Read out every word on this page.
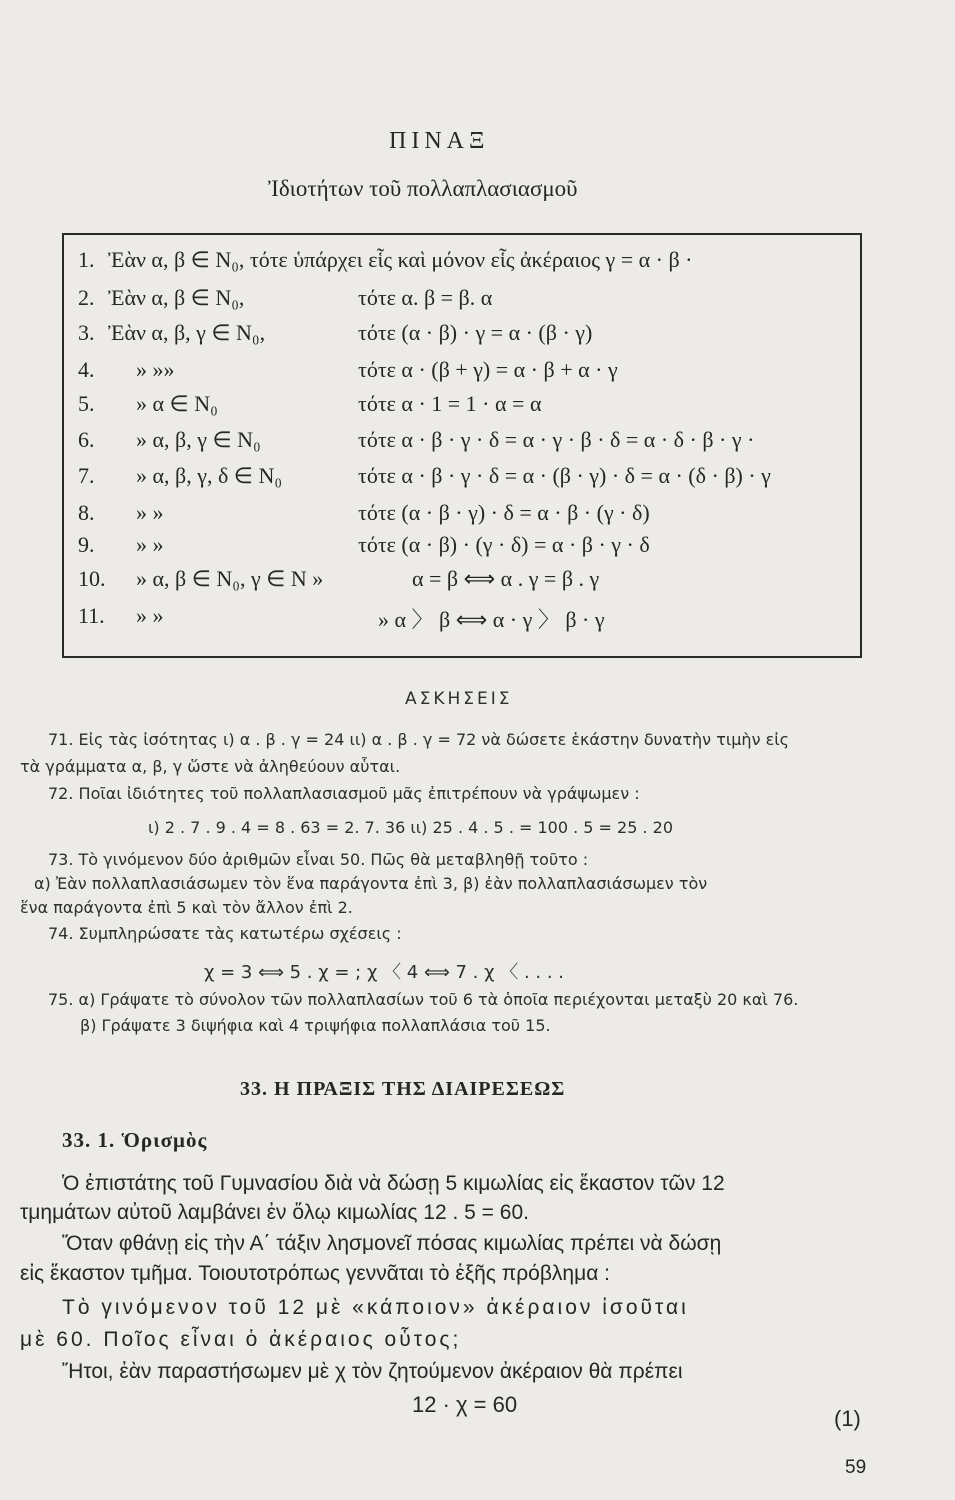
ΠΙΝΑΞ
Ἰδιοτήτων τοῦ πολλαπλασιασμοῦ
1. Ἐὰν α, β ∈ N₀, τότε ὑπάρχει εἷς καὶ μόνον εἷς ἀκέραιος γ = α · β ·
2. Ἐὰν α, β ∈ N₀,	τότε α. β = β. α
3. Ἐὰν α, β, γ ∈ N₀,	τότε (α · β) · γ = α · (β · γ)
4. » »»	τότε α · (β + γ) = α · β + α · γ
5. » α ∈ N₀	τότε α · 1 = 1 · α = α
6. » α, β, γ ∈ N₀	τότε α · β · γ · δ = α · γ · β · δ = α · δ · β · γ ·
7. » α, β, γ, δ ∈ N₀	τότε α · β · γ · δ = α · (β · γ) · δ = α · (δ · β) · γ
8. » »	τότε (α · β · γ) · δ = α · β · (γ · δ)
9. » »	τότε (α · β) · (γ · δ) = α · β · γ · δ
10. » α, β ∈ N₀, γ ∈ N »	α = β ⟺ α . γ = β . γ
11. » »	» α 〉 β ⟺ α · γ 〉 β · γ
ΑΣΚΗΣΕΙΣ
71. Εἰς τὰς ἰσότητας ι) α . β . γ = 24 ιι) α . β . γ = 72 νὰ δώσετε ἑκάστην δυνατὴν τιμὴν εἰς
τὰ γράμματα α, β, γ ὥστε νὰ ἀληθεύουν αὗται.
72. Ποῖαι ἰδιότητες τοῦ πολλαπλασιασμοῦ μᾶς ἐπιτρέπουν νὰ γράψωμεν :
ι) 2 . 7 . 9 . 4 = 8 . 63 = 2. 7. 36 ιι) 25 . 4 . 5 . = 100 . 5 = 25 . 20
73. Τὸ γινόμενον δύο ἀριθμῶν εἶναι 50. Πῶς θὰ μεταβληθῇ τοῦτο :
α) Ἐὰν πολλαπλασιάσωμεν τὸν ἕνα παράγοντα ἐπὶ 3, β) ἐὰν πολλαπλασιάσωμεν τὸν
ἕνα παράγοντα ἐπὶ 5 καὶ τὸν ἄλλον ἐπὶ 2.
74. Συμπληρώσατε τὰς κατωτέρω σχέσεις :
χ = 3 ⟺ 5 . χ = ; χ 〈 4 ⟺ 7 . χ 〈 . . . .
75. α) Γράψατε τὸ σύνολον τῶν πολλαπλασίων τοῦ 6 τὰ ὁποῖα περιέχονται μεταξὺ 20 καὶ 76.
β) Γράψατε 3 διψήφια καὶ 4 τριψήφια πολλαπλάσια τοῦ 15.
33. Η ΠΡΑΞΙΣ ΤΗΣ ΔΙΑΙΡΕΣΕΩΣ
33. 1. Ὁρισμὸς
Ὁ ἐπιστάτης τοῦ Γυμνασίου διὰ νὰ δώσῃ 5 κιμωλίας εἰς ἕκαστον τῶν 12
τμημάτων αὐτοῦ λαμβάνει ἐν ὅλῳ κιμωλίας 12 . 5 = 60.
Ὅταν φθάνῃ εἰς τὴν Α΄ τάξιν λησμονεῖ πόσας κιμωλίας πρέπει νὰ δώσῃ
εἰς ἕκαστον τμῆμα. Τοιουτοτρόπως γεννᾶται τὸ ἑξῆς πρόβλημα :
Τὸ γινόμενον τοῦ 12 μὲ «κάποιον» ἀκέραιον ἰσοῦται
μὲ 60. Ποῖος εἶναι ὁ ἀκέραιος οὗτος;
Ἤτοι, ἐὰν παραστήσωμεν μὲ χ τὸν ζητούμενον ἀκέραιον θὰ πρέπει
12 · χ = 60
(1)
59
